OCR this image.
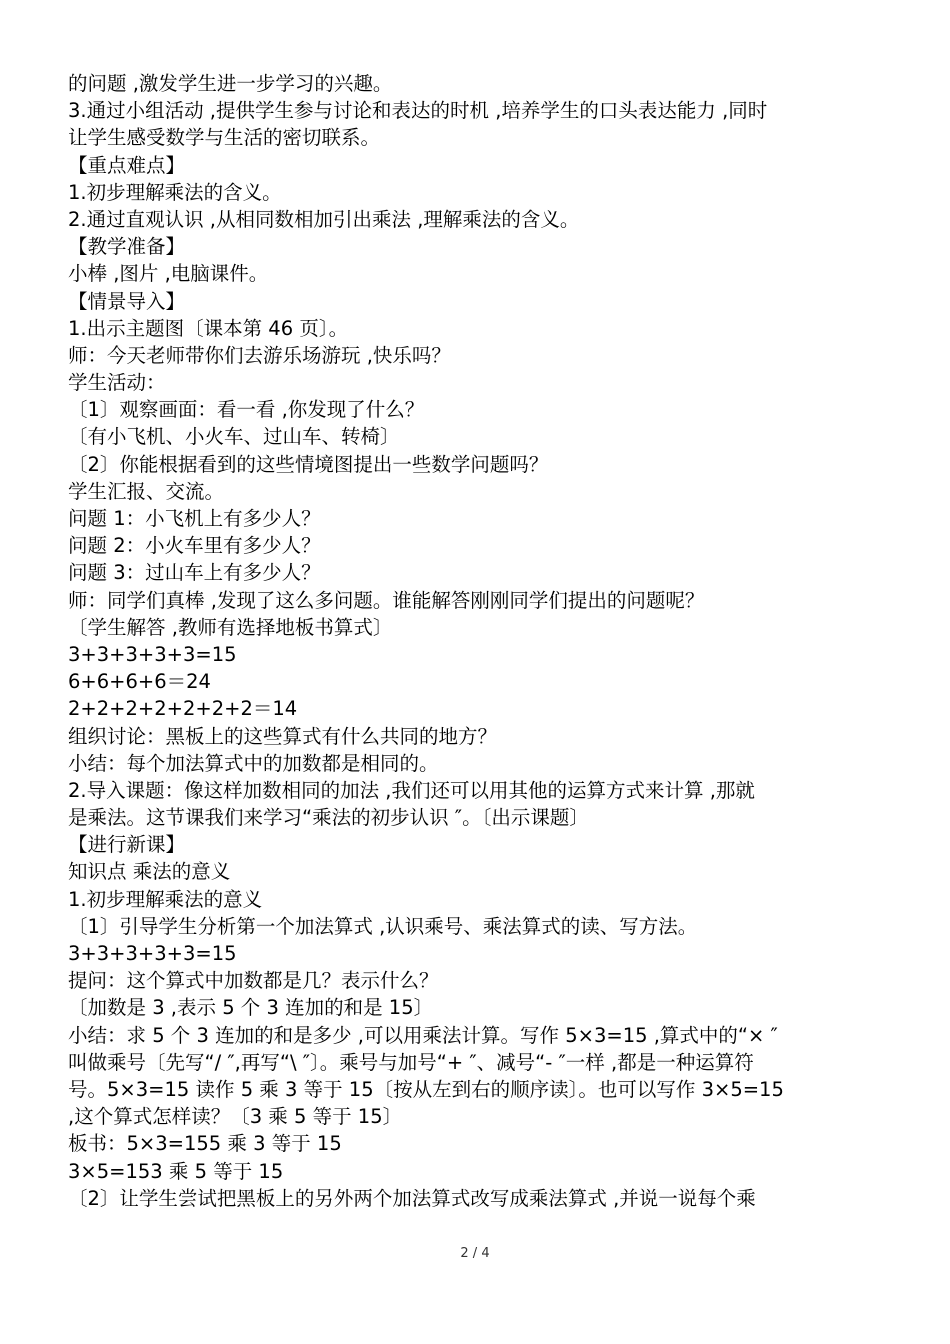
的问题 ,激发学生进一步学习的兴趣。
3.通过小组活动 ,提供学生参与讨论和表达的时机 ,培养学生的口头表达能力 ,同时
让学生感受数学与生活的密切联系。
【重点难点】
1.初步理解乘法的含义。
2.通过直观认识 ,从相同数相加引出乘法 ,理解乘法的含义。
【教学准备】
小棒 ,图片 ,电脑课件。
【情景导入】
1.出示主题图〔课本第 46 页〕。
师：今天老师带你们去游乐场游玩 ,快乐吗？
学生活动：
〔1〕观察画面：看一看 ,你发现了什么？
〔有小飞机、小火车、过山车、转椅〕
〔2〕你能根据看到的这些情境图提出一些数学问题吗？
学生汇报、交流。
问题 1：小飞机上有多少人？
问题 2：小火车里有多少人？
问题 3：过山车上有多少人？
师：同学们真棒 ,发现了这么多问题。谁能解答刚刚同学们提出的问题呢？
〔学生解答 ,教师有选择地板书算式〕
3+3+3+3+3=15
6+6+6+6＝24
2+2+2+2+2+2+2＝14
组织讨论：黑板上的这些算式有什么共同的地方？
小结：每个加法算式中的加数都是相同的。
2.导入课题：像这样加数相同的加法 ,我们还可以用其他的运算方式来计算 ,那就
是乘法。这节课我们来学习“乘法的初步认识 ″。〔出示课题〕
【进行新课】
知识点 乘法的意义
1.初步理解乘法的意义
〔1〕引导学生分析第一个加法算式 ,认识乘号、乘法算式的读、写方法。
3+3+3+3+3=15
提问：这个算式中加数都是几？表示什么？
〔加数是 3 ,表示 5 个 3 连加的和是 15〕
小结：求 5 个 3 连加的和是多少 ,可以用乘法计算。写作 5×3=15 ,算式中的“× ″
叫做乘号〔先写“/ ″,再写“\ ″〕。乘号与加号“+ ″、减号“- ″一样 ,都是一种运算符
号。5×3=15 读作 5 乘 3 等于 15〔按从左到右的顺序读〕。也可以写作 3×5=15
,这个算式怎样读？〔3 乘 5 等于 15〕
板书：5×3=155 乘 3 等于 15
3×5=153 乘 5 等于 15
〔2〕让学生尝试把黑板上的另外两个加法算式改写成乘法算式 ,并说一说每个乘
2 / 4
